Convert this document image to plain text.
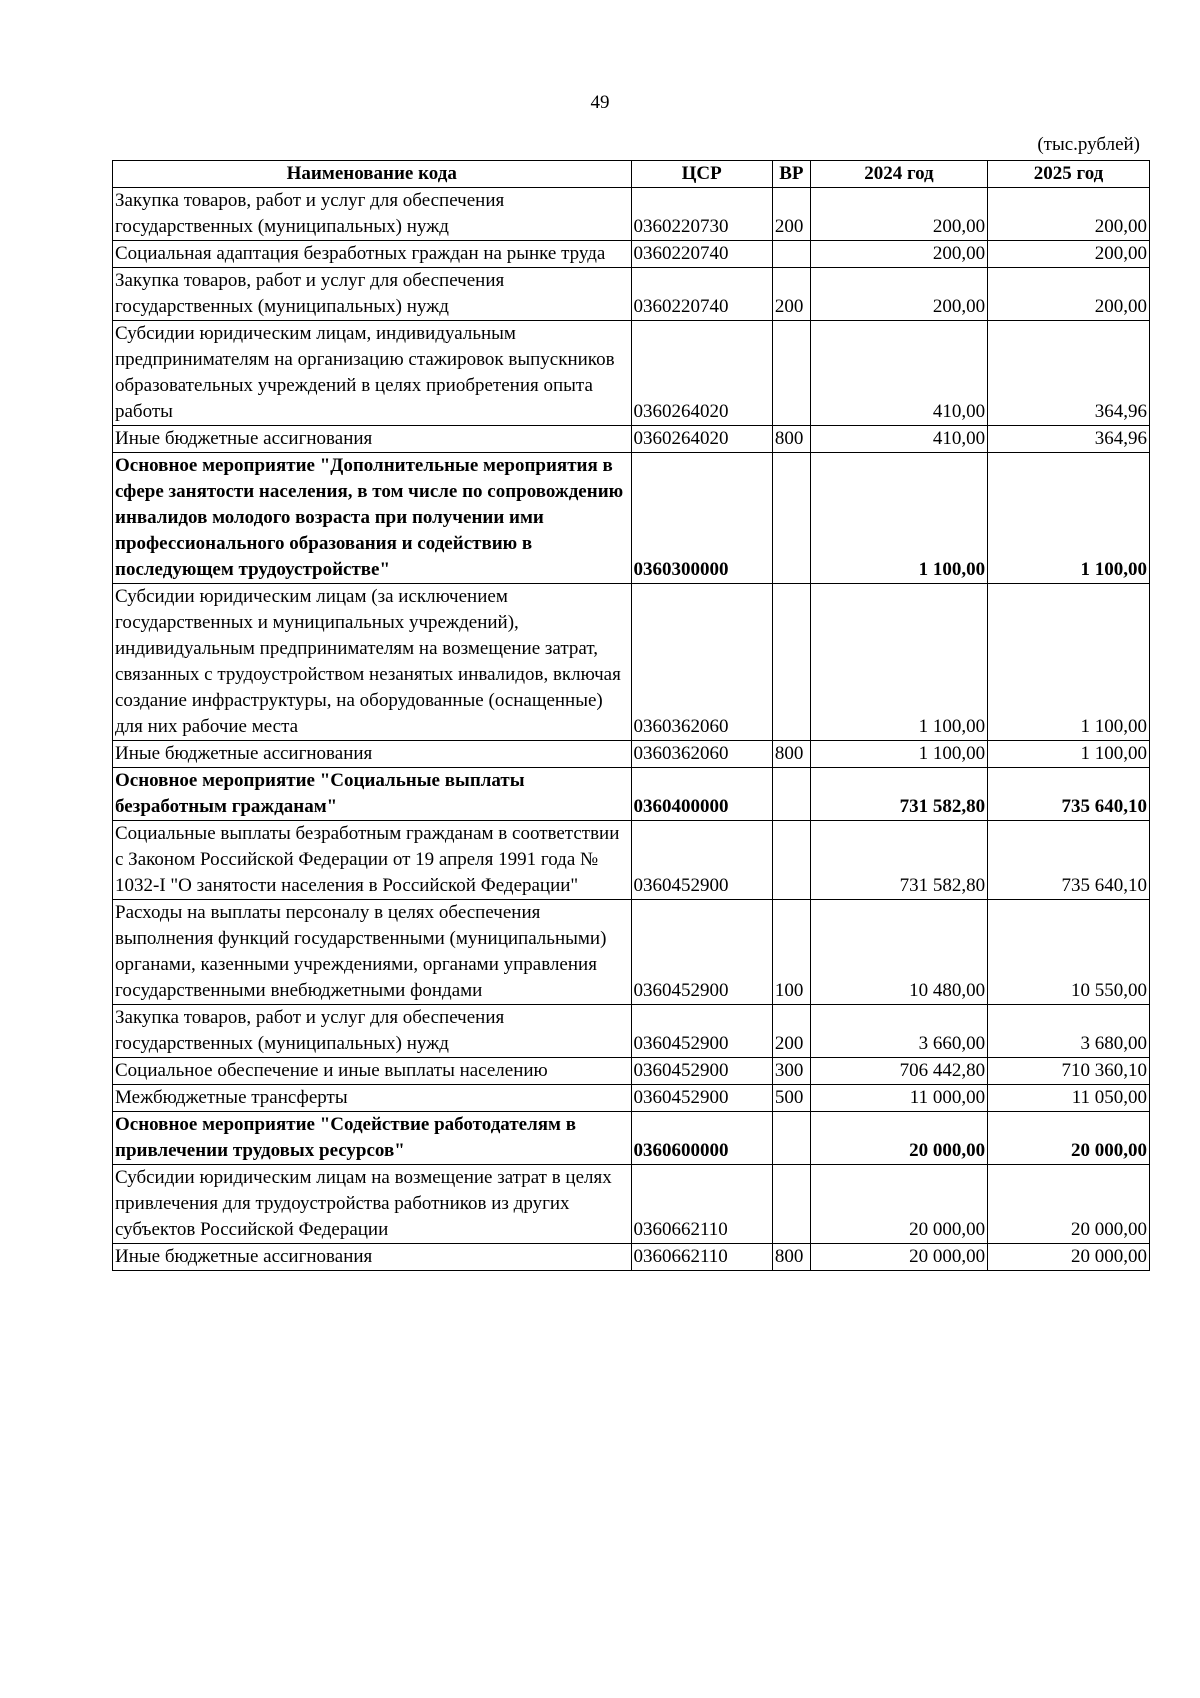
49
(тыс.рублей)
Наименование кода	ЦСР	ВР	2024 год	2025 год
Закупка товаров, работ и услуг для обеспечения государственных (муниципальных) нужд	0360220730	200	200,00	200,00
Социальная адаптация безработных граждан на рынке труда	0360220740		200,00	200,00
Закупка товаров, работ и услуг для обеспечения государственных (муниципальных) нужд	0360220740	200	200,00	200,00
Субсидии юридическим лицам, индивидуальным предпринимателям на организацию стажировок выпускников образовательных учреждений в целях приобретения опыта работы	0360264020		410,00	364,96
Иные бюджетные ассигнования	0360264020	800	410,00	364,96
Основное мероприятие "Дополнительные мероприятия в сфере занятости населения, в том числе по сопровождению инвалидов молодого возраста при получении ими профессионального образования и содействию в последующем трудоустройстве"	0360300000		1 100,00	1 100,00
Субсидии юридическим лицам (за исключением государственных и муниципальных учреждений), индивидуальным предпринимателям на возмещение затрат, связанных с трудоустройством незанятых инвалидов, включая создание инфраструктуры, на оборудованные (оснащенные) для них рабочие места	0360362060		1 100,00	1 100,00
Иные бюджетные ассигнования	0360362060	800	1 100,00	1 100,00
Основное мероприятие "Социальные выплаты безработным гражданам"	0360400000		731 582,80	735 640,10
Социальные выплаты безработным гражданам в соответствии с Законом Российской Федерации от 19 апреля 1991 года № 1032-I "О занятости населения в Российской Федерации"	0360452900		731 582,80	735 640,10
Расходы на выплаты персоналу в целях обеспечения выполнения функций государственными (муниципальными) органами, казенными учреждениями, органами управления государственными внебюджетными фондами	0360452900	100	10 480,00	10 550,00
Закупка товаров, работ и услуг для обеспечения государственных (муниципальных) нужд	0360452900	200	3 660,00	3 680,00
Социальное обеспечение и иные выплаты населению	0360452900	300	706 442,80	710 360,10
Межбюджетные трансферты	0360452900	500	11 000,00	11 050,00
Основное мероприятие "Содействие работодателям в привлечении трудовых ресурсов"	0360600000		20 000,00	20 000,00
Субсидии юридическим лицам на возмещение затрат в целях привлечения для трудоустройства работников из других субъектов Российской Федерации	0360662110		20 000,00	20 000,00
Иные бюджетные ассигнования	0360662110	800	20 000,00	20 000,00
